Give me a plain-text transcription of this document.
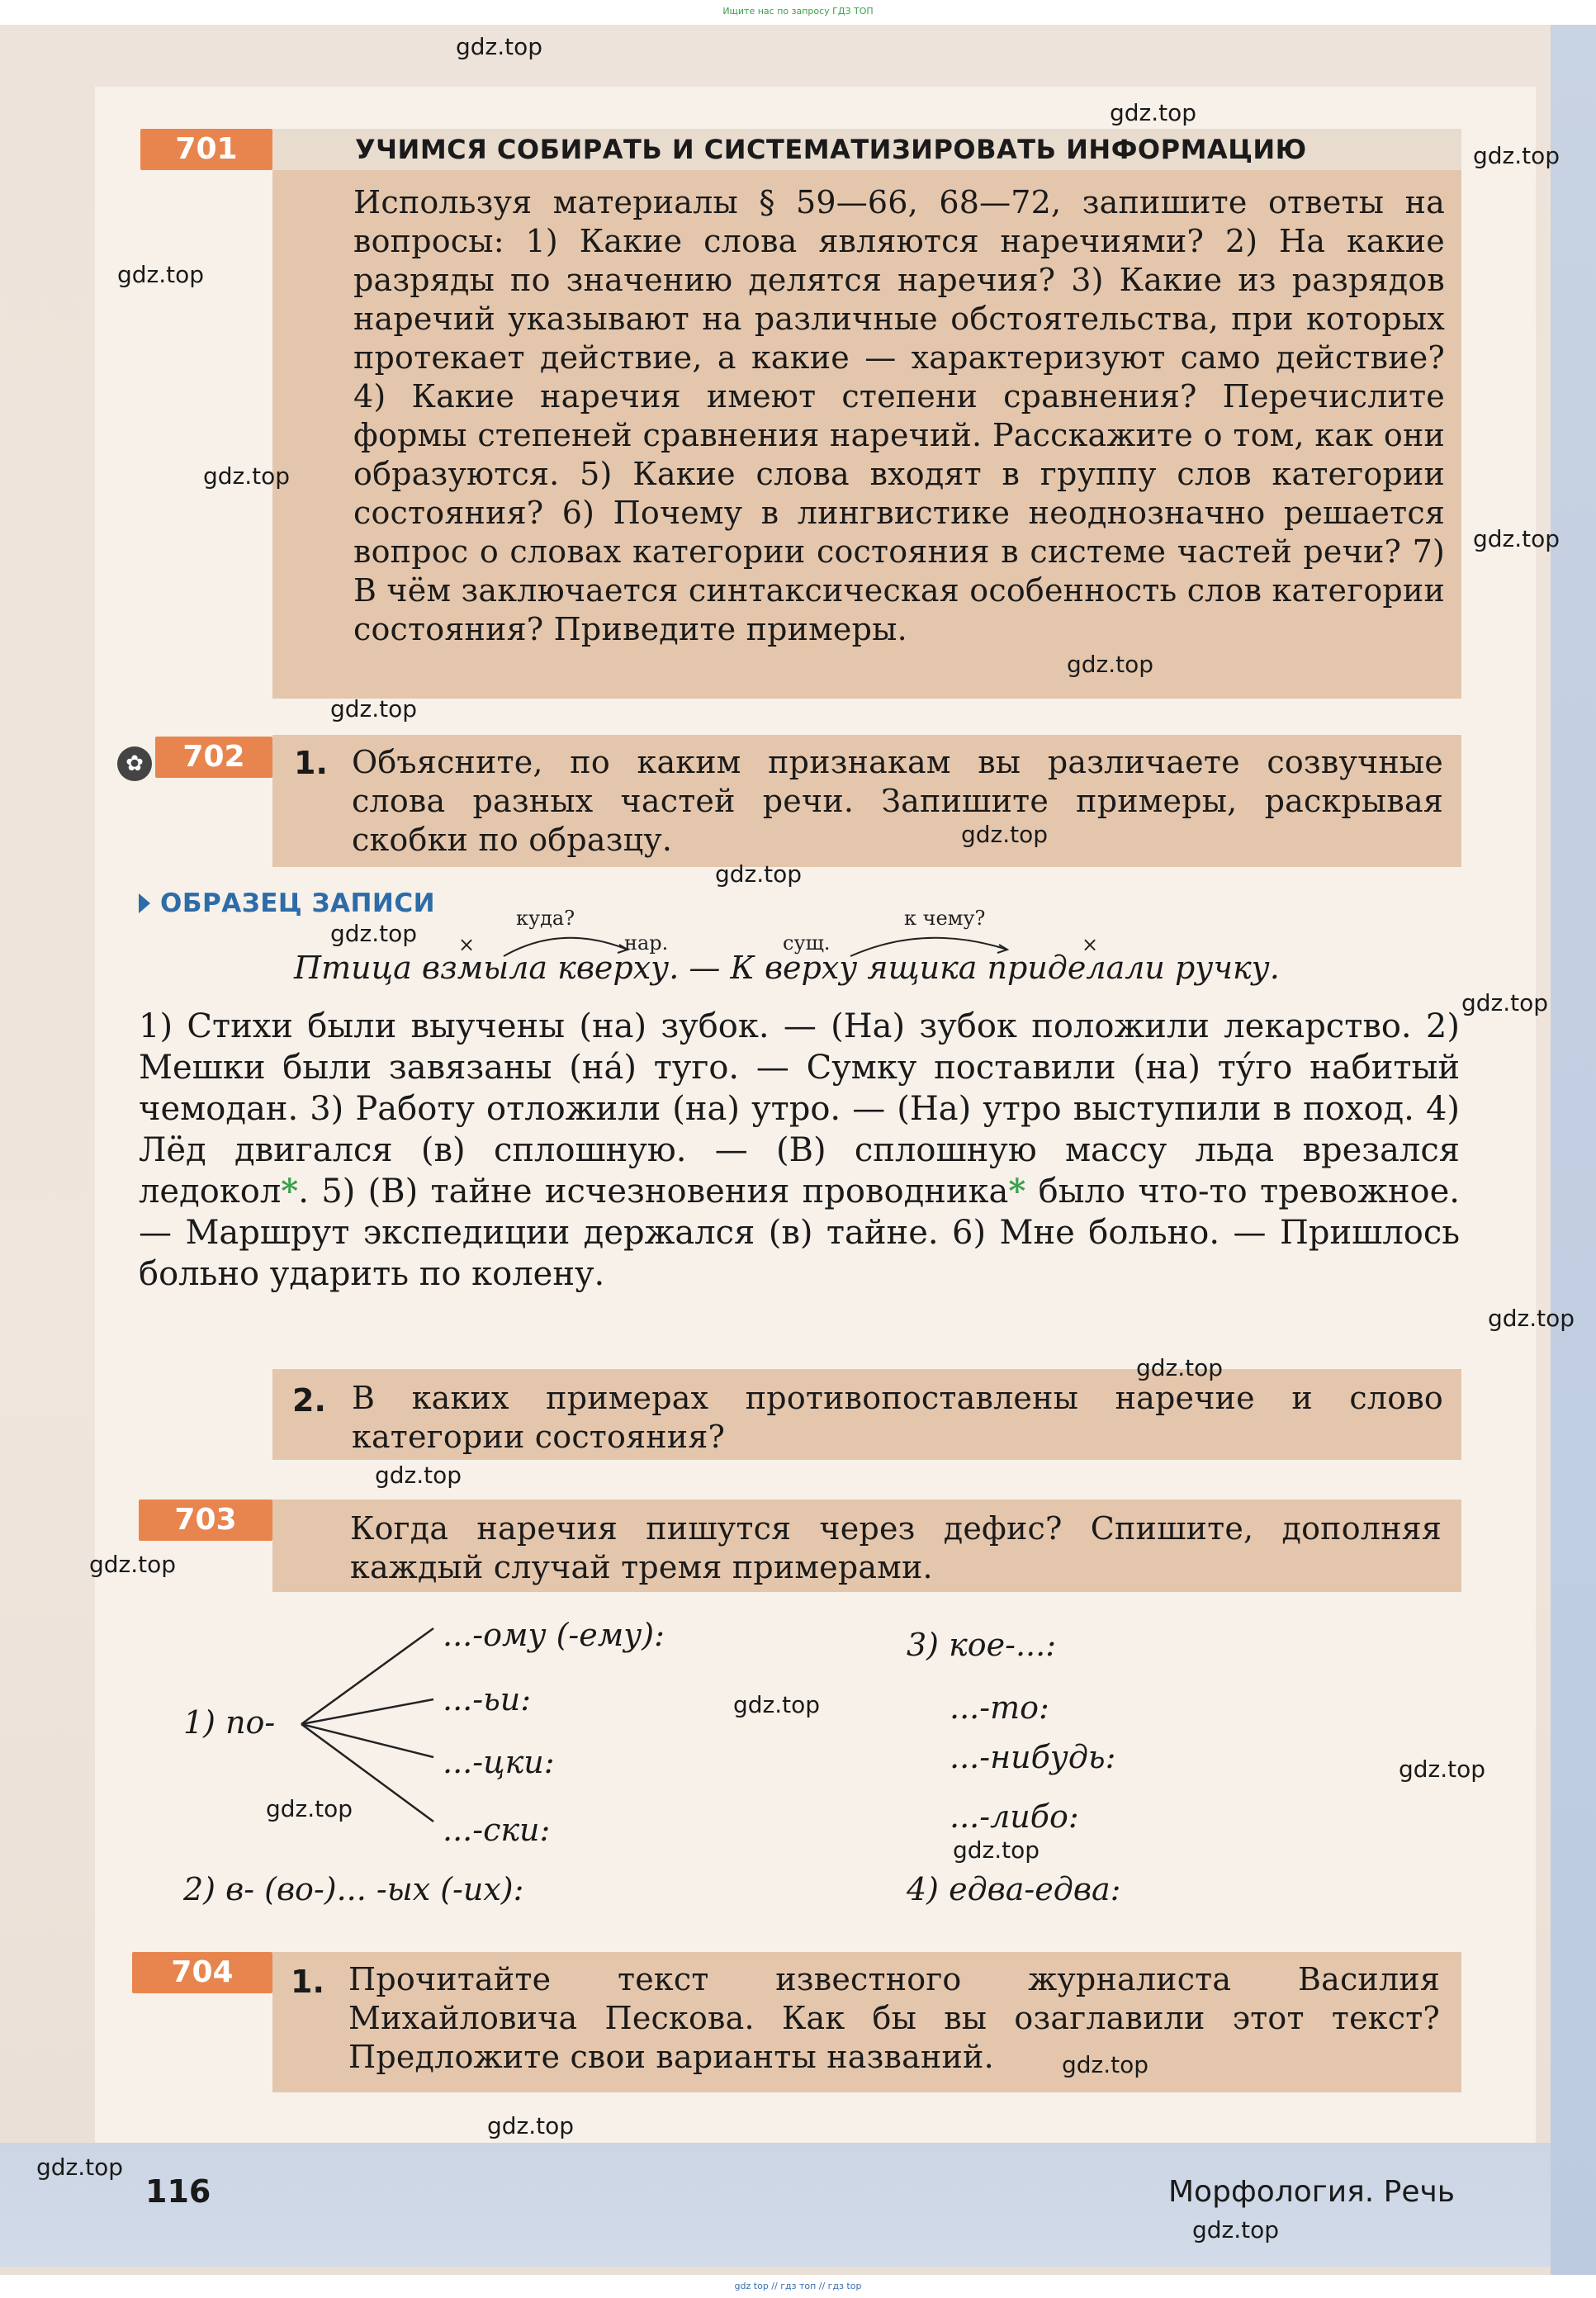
701	УЧИМСЯ СОБИРАТЬ И СИСТЕМАТИЗИРОВАТЬ ИНФОРМАЦИЮ
Используя материалы § 59—66, 68—72, запишите ответы на вопросы: 1) Какие слова являются наречиями? 2) На какие разряды по значению делятся наречия? 3) Какие из разрядов наречий указывают на различные обстоятельства, при которых протекает действие, а какие — характеризуют само действие? 4) Какие наречия имеют степени сравнения? Перечислите формы степеней сравнения наречий. Расскажите о том, как они образуются. 5) Какие слова входят в группу слов категории состояния? 6) Почему в лингвистике неоднозначно решается вопрос о словах категории состояния в системе частей речи? 7) В чём заключается синтаксическая особенность слов категории состояния? Приведите примеры.
✿	702	1. Объясните, по каким признакам вы различаете созвучные слова разных частей речи. Запишите примеры, раскрывая скобки по образцу.
ОБРАЗЕЦ ЗАПИСИ
×
куда?
нар.	сущ.
к чему?
×
Птица взмыла кверху. — К верху ящика приделали ручку.
1) Стихи были выучены (на) зубок. — (На) зубок положили лекарство. 2) Мешки были завязаны (на́) туго. — Сумку поставили (на) ту́го набитый чемодан. 3) Работу отложили (на) утро. — (На) утро выступили в поход. 4) Лёд двигался (в) сплошную. — (В) сплошную массу льда врезался ледокол*. 5) (В) тайне исчезновения проводника* было что-то тревожное. — Маршрут экспедиции держался (в) тайне. 6) Мне больно. — Пришлось больно ударить по колену.
2. В каких примерах противопоставлены наречие и слово категории состояния?
703	Когда наречия пишутся через дефис? Спишите, дополняя каждый случай тремя примерами.
1) по-
...-ому (-ему):
...-ьи:
...-цки:
...-ски:
2) в- (во-)... -ых (-их):
3) кое-...:
...-то:
...-нибудь:
...-либо:
4) едва-едва:
704	1. Прочитайте текст известного журналиста Василия Михайловича Пескова. Как бы вы озаглавили этот текст? Предложите свои варианты названий.
116	Морфология. Речь
gdz.top
gdz.top
gdz.top
gdz.top
gdz.top
gdz.top
gdz.top
gdz.top
gdz.top
gdz.top
gdz.top
gdz.top
gdz.top
gdz.top
gdz.top
gdz.top
gdz.top
gdz.top
gdz.top
gdz.top
gdz.top
gdz.top
gdz.top
gdz.top
Ищите нас по запросу ГДЗ ТОП
gdz top // гдз топ // гдз top
